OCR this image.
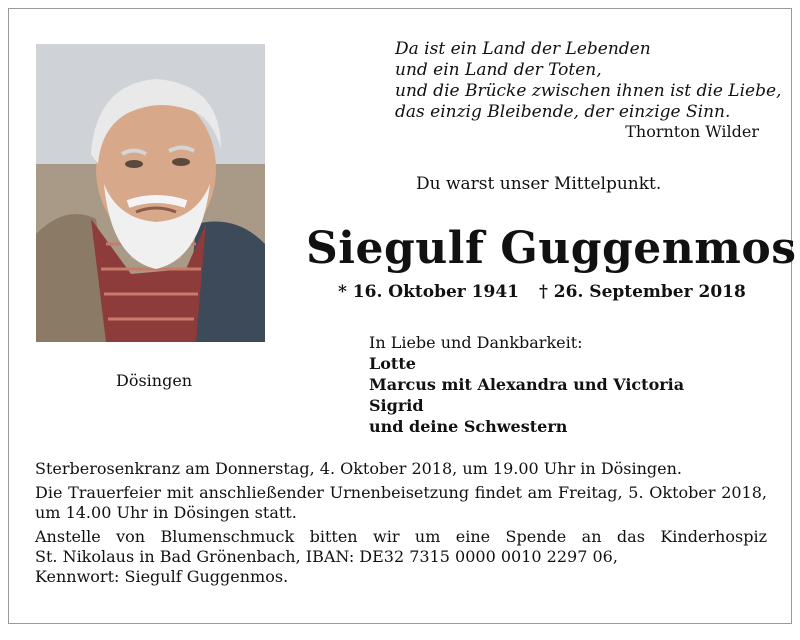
Da ist ein Land der Lebenden
und ein Land der Toten,
und die Brücke zwischen ihnen ist die Liebe,
das einzig Bleibende, der einzige Sinn.
Thornton Wilder
Du warst unser Mittelpunkt.
Siegulf Guggenmos
* 16. Oktober 1941 † 26. September 2018
Dösingen
In Liebe und Dankbarkeit:
Lotte
Marcus mit Alexandra und Victoria
Sigrid
und deine Schwestern

Sterberosenkranz am Donnerstag, 4. Oktober 2018, um 19.00 Uhr in Dösingen.

Die Trauerfeier mit anschließender Urnenbeisetzung findet am Freitag, 5. Oktober 2018,
um 14.00 Uhr in Dösingen statt.

Anstelle von Blumenschmuck bitten wir um eine Spende an das Kinderhospiz
St. Nikolaus in Bad Grönenbach, IBAN: DE32 7315 0000 0010 2297 06,
Kennwort: Siegulf Guggenmos.
